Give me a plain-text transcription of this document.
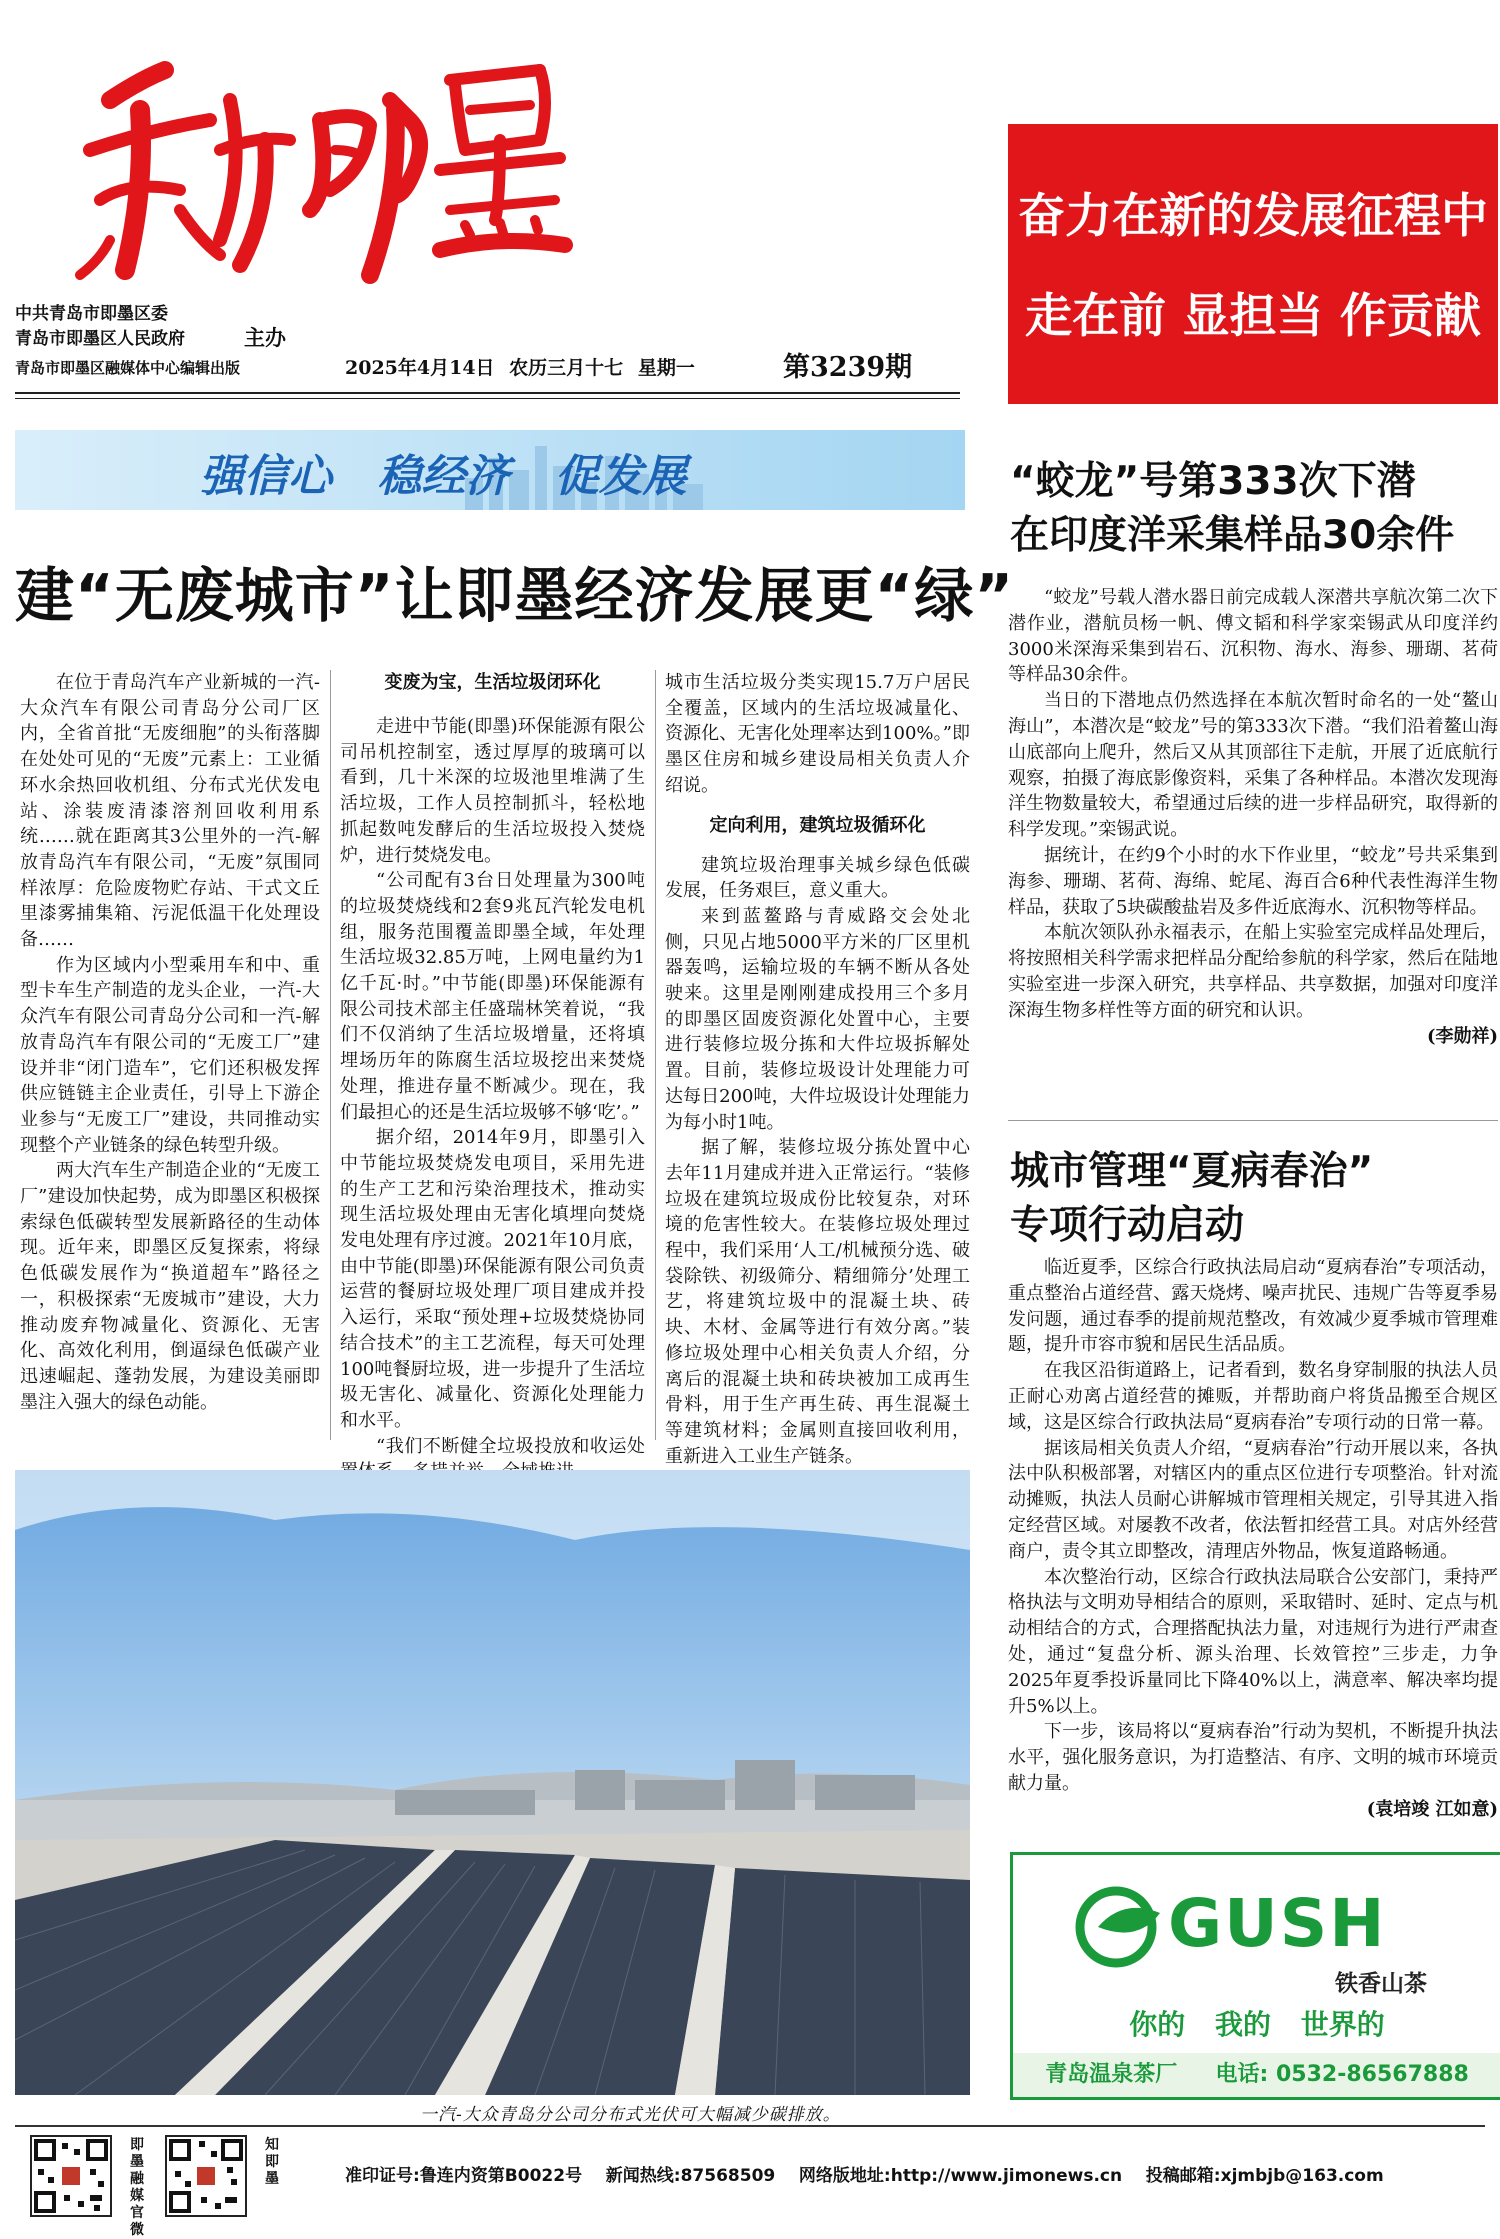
中共青岛市即墨区委
青岛市即墨区人民政府
青岛市即墨区融媒体中心编辑出版
主办
2025年4月14日 农历三月十七 星期一	第3239期
奋力在新的发展征程中
走在前 显担当 作贡献
强信心 稳经济 促发展
建“无废城市”让即墨经济发展更“绿”

在位于青岛汽车产业新城的一汽-大众汽车有限公司青岛分公司厂区内，全省首批“无废细胞”的头衔落脚在处处可见的“无废”元素上：工业循环水余热回收机组、分布式光伏发电站、涂装废清漆溶剂回收利用系统……就在距离其3公里外的一汽-解放青岛汽车有限公司，“无废”氛围同样浓厚：危险废物贮存站、干式文丘里漆雾捕集箱、污泥低温干化处理设备……

作为区域内小型乘用车和中、重型卡车生产制造的龙头企业，一汽-大众汽车有限公司青岛分公司和一汽-解放青岛汽车有限公司的“无废工厂”建设并非“闭门造车”，它们还积极发挥供应链链主企业责任，引导上下游企业参与“无废工厂”建设，共同推动实现整个产业链条的绿色转型升级。

两大汽车生产制造企业的“无废工厂”建设加快起势，成为即墨区积极探索绿色低碳转型发展新路径的生动体现。近年来，即墨区反复探索，将绿色低碳发展作为“换道超车”路径之一，积极探索“无废城市”建设，大力推动废弃物减量化、资源化、无害化、高效化利用，倒逼绿色低碳产业迅速崛起、蓬勃发展，为建设美丽即墨注入强大的绿色动能。

变废为宝，生活垃圾闭环化

走进中节能(即墨)环保能源有限公司吊机控制室，透过厚厚的玻璃可以看到，几十米深的垃圾池里堆满了生活垃圾，工作人员控制抓斗，轻松地抓起数吨发酵后的生活垃圾投入焚烧炉，进行焚烧发电。

“公司配有3台日处理量为300吨的垃圾焚烧线和2套9兆瓦汽轮发电机组，服务范围覆盖即墨全域，年处理生活垃圾32.85万吨，上网电量约为1亿千瓦·时。”中节能(即墨)环保能源有限公司技术部主任盛瑞林笑着说，“我们不仅消纳了生活垃圾增量，还将填埋场历年的陈腐生活垃圾挖出来焚烧处理，推进存量不断减少。现在，我们最担心的还是生活垃圾够不够‘吃’。”

据介绍，2014年9月，即墨引入中节能垃圾焚烧发电项目，采用先进的生产工艺和污染治理技术，推动实现生活垃圾处理由无害化填埋向焚烧发电处理有序过渡。2021年10月底，由中节能(即墨)环保能源有限公司负责运营的餐厨垃圾处理厂项目建成并投入运行，采取“预处理+垃圾焚烧协同结合技术”的主工艺流程，每天可处理100吨餐厨垃圾，进一步提升了生活垃圾无害化、减量化、资源化处理能力和水平。

“我们不断健全垃圾投放和收运处

城市生活垃圾分类实现15.7万户居民全覆盖，区域内的生活垃圾减量化、资源化、无害化处理率达到100%。”即墨区住房和城乡建设局相关负责人介绍说。

定向利用，建筑垃圾循环化

建筑垃圾治理事关城乡绿色低碳发展，任务艰巨，意义重大。

来到蓝鳌路与青威路交会处北侧，只见占地5000平方米的厂区里机器轰鸣，运输垃圾的车辆不断从各处驶来。这里是刚刚建成投用三个多月的即墨区固废资源化处置中心，主要进行装修垃圾分拣和大件垃圾拆解处置。目前，装修垃圾设计处理能力可达每日200吨，大件垃圾设计处理能力为每小时1吨。

据了解，装修垃圾分拣处置中心去年11月建成并进入正常运行。“装修垃圾在建筑垃圾成份比较复杂，对环境的危害性较大。在装修垃圾处理过程中，我们采用‘人工/机械预分选、破袋除铁、初级筛分、精细筛分’处理工艺，将建筑垃圾中的混凝土块、砖块、木材、金属等进行有效分离。”装修垃圾处理中心相关负责人介绍，分离后的混凝土块和砖块被加工成再生骨料，用于生产再生砖、再生混凝土等建筑材料；金属则直接回收利用，重新进入工业生产链条。

一汽-大众青岛分公司分布式光伏可大幅减少碳排放。
“蛟龙”号第333次下潜
在印度洋采集样品30余件

“蛟龙”号载人潜水器日前完成载人深潜共享航次第二次下潜作业，潜航员杨一帆、傅文韬和科学家栾锡武从印度洋约3000米深海采集到岩石、沉积物、海水、海参、珊瑚、茗荷等样品30余件。

当日的下潜地点仍然选择在本航次暂时命名的一处“鳌山海山”，本潜次是“蛟龙”号的第333次下潜。“我们沿着鳌山海山底部向上爬升，然后又从其顶部往下走航，开展了近底航行观察，拍摄了海底影像资料，采集了各种样品。本潜次发现海洋生物数量较大，希望通过后续的进一步样品研究，取得新的科学发现。”栾锡武说。

据统计，在约9个小时的水下作业里，“蛟龙”号共采集到海参、珊瑚、茗荷、海绵、蛇尾、海百合6种代表性海洋生物样品，获取了5块碳酸盐岩及多件近底海水、沉积物等样品。

本航次领队孙永福表示，在船上实验室完成样品处理后，将按照相关科学需求把样品分配给参航的科学家，然后在陆地实验室进一步深入研究，共享样品、共享数据，加强对印度洋深海生物多样性等方面的研究和认识。

(李勋祥)
城市管理“夏病春治”
专项行动启动

临近夏季，区综合行政执法局启动“夏病春治”专项活动，重点整治占道经营、露天烧烤、噪声扰民、违规广告等夏季易发问题，通过春季的提前规范整改，有效减少夏季城市管理难题，提升市容市貌和居民生活品质。

在我区沿街道路上，记者看到，数名身穿制服的执法人员正耐心劝离占道经营的摊贩，并帮助商户将货品搬至合规区域，这是区综合行政执法局“夏病春治”专项行动的日常一幕。

据该局相关负责人介绍，“夏病春治”行动开展以来，各执法中队积极部署，对辖区内的重点区位进行专项整治。针对流动摊贩，执法人员耐心讲解城市管理相关规定，引导其进入指定经营区域。对屡教不改者，依法暂扣经营工具。对店外经营商户，责令其立即整改，清理店外物品，恢复道路畅通。

本次整治行动，区综合行政执法局联合公安部门，秉持严格执法与文明劝导相结合的原则，采取错时、延时、定点与机动相结合的方式，合理搭配执法力量，对违规行为进行严肃查处，通过“复盘分析、源头治理、长效管控”三步走，力争2025年夏季投诉量同比下降40%以上，满意率、解决率均提升5%以上。

下一步，该局将以“夏病春治”行动为契机，不断提升执法水平，强化服务意识，为打造整洁、有序、文明的城市环境贡献力量。

(袁培竣 江如意)
GUSH
铁香山茶
你的 我的 世界的
青岛温泉茶厂 电话: 0532-86567888
即墨融媒官微
知即墨	准印证号:鲁连内资第B0022号 新闻热线:87568509 网络版地址:http://www.jimonews.cn 投稿邮箱:xjmbjb@163.com
